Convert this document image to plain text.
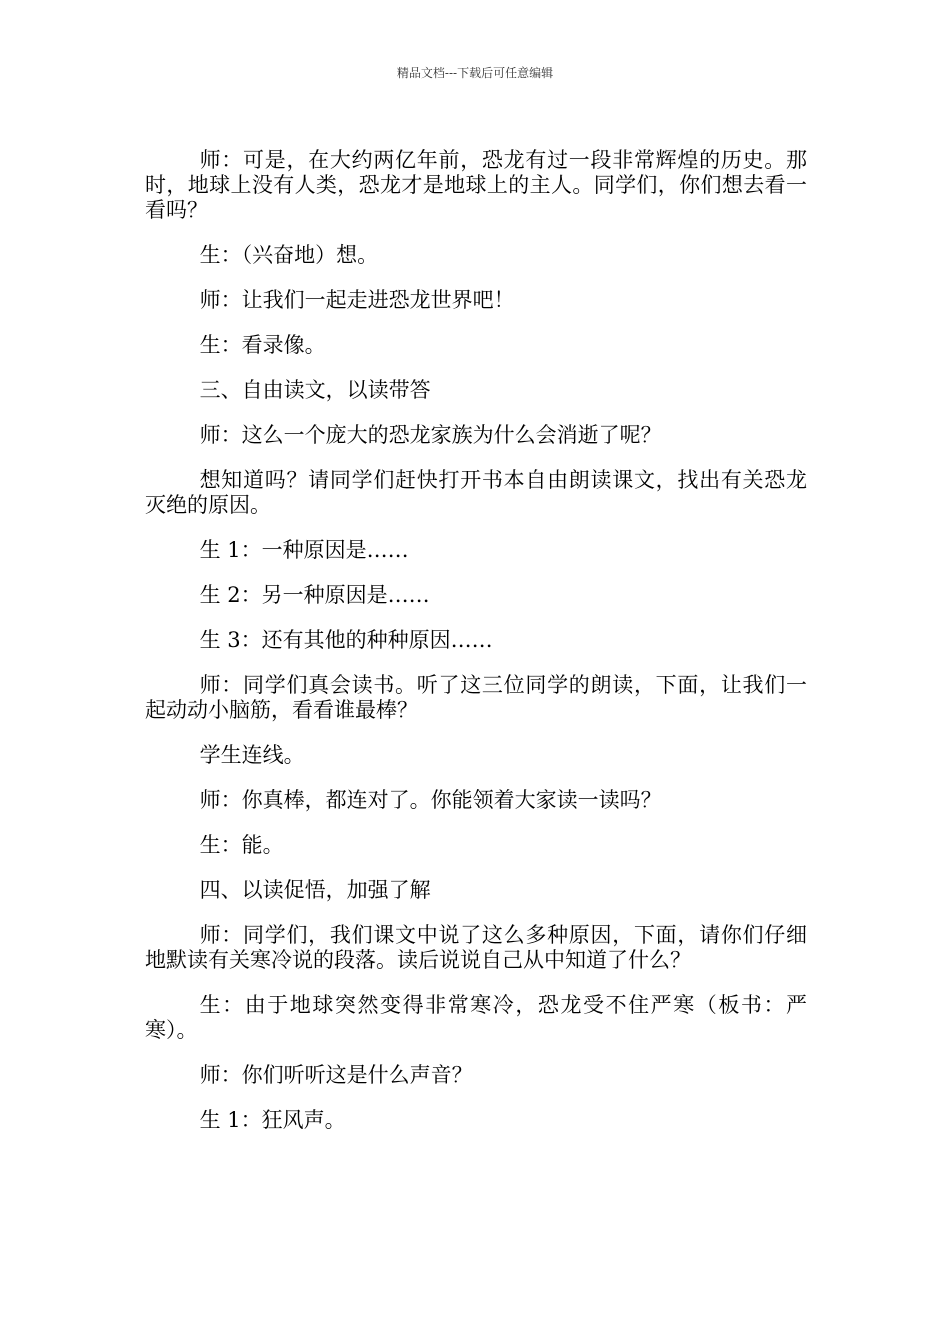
精品文档---下载后可任意编辑

师：可是，在大约两亿年前，恐龙有过一段非常辉煌的历史。那时，地球上没有人类，恐龙才是地球上的主人。同学们，你们想去看一看吗？

生：（兴奋地）想。

师：让我们一起走进恐龙世界吧！

生：看录像。

三、自由读文，以读带答

师：这么一个庞大的恐龙家族为什么会消逝了呢？

想知道吗？请同学们赶快打开书本自由朗读课文，找出有关恐龙灭绝的原因。

生 1：一种原因是……

生 2：另一种原因是……

生 3：还有其他的种种原因……

师：同学们真会读书。听了这三位同学的朗读，下面，让我们一起动动小脑筋，看看谁最棒？

学生连线。

师：你真棒，都连对了。你能领着大家读一读吗？

生：能。

四、以读促悟，加强了解

师：同学们，我们课文中说了这么多种原因，下面，请你们仔细地默读有关寒冷说的段落。读后说说自己从中知道了什么？

生：由于地球突然变得非常寒冷，恐龙受不住严寒（板书：严寒）。

师：你们听听这是什么声音？

生 1：狂风声。
